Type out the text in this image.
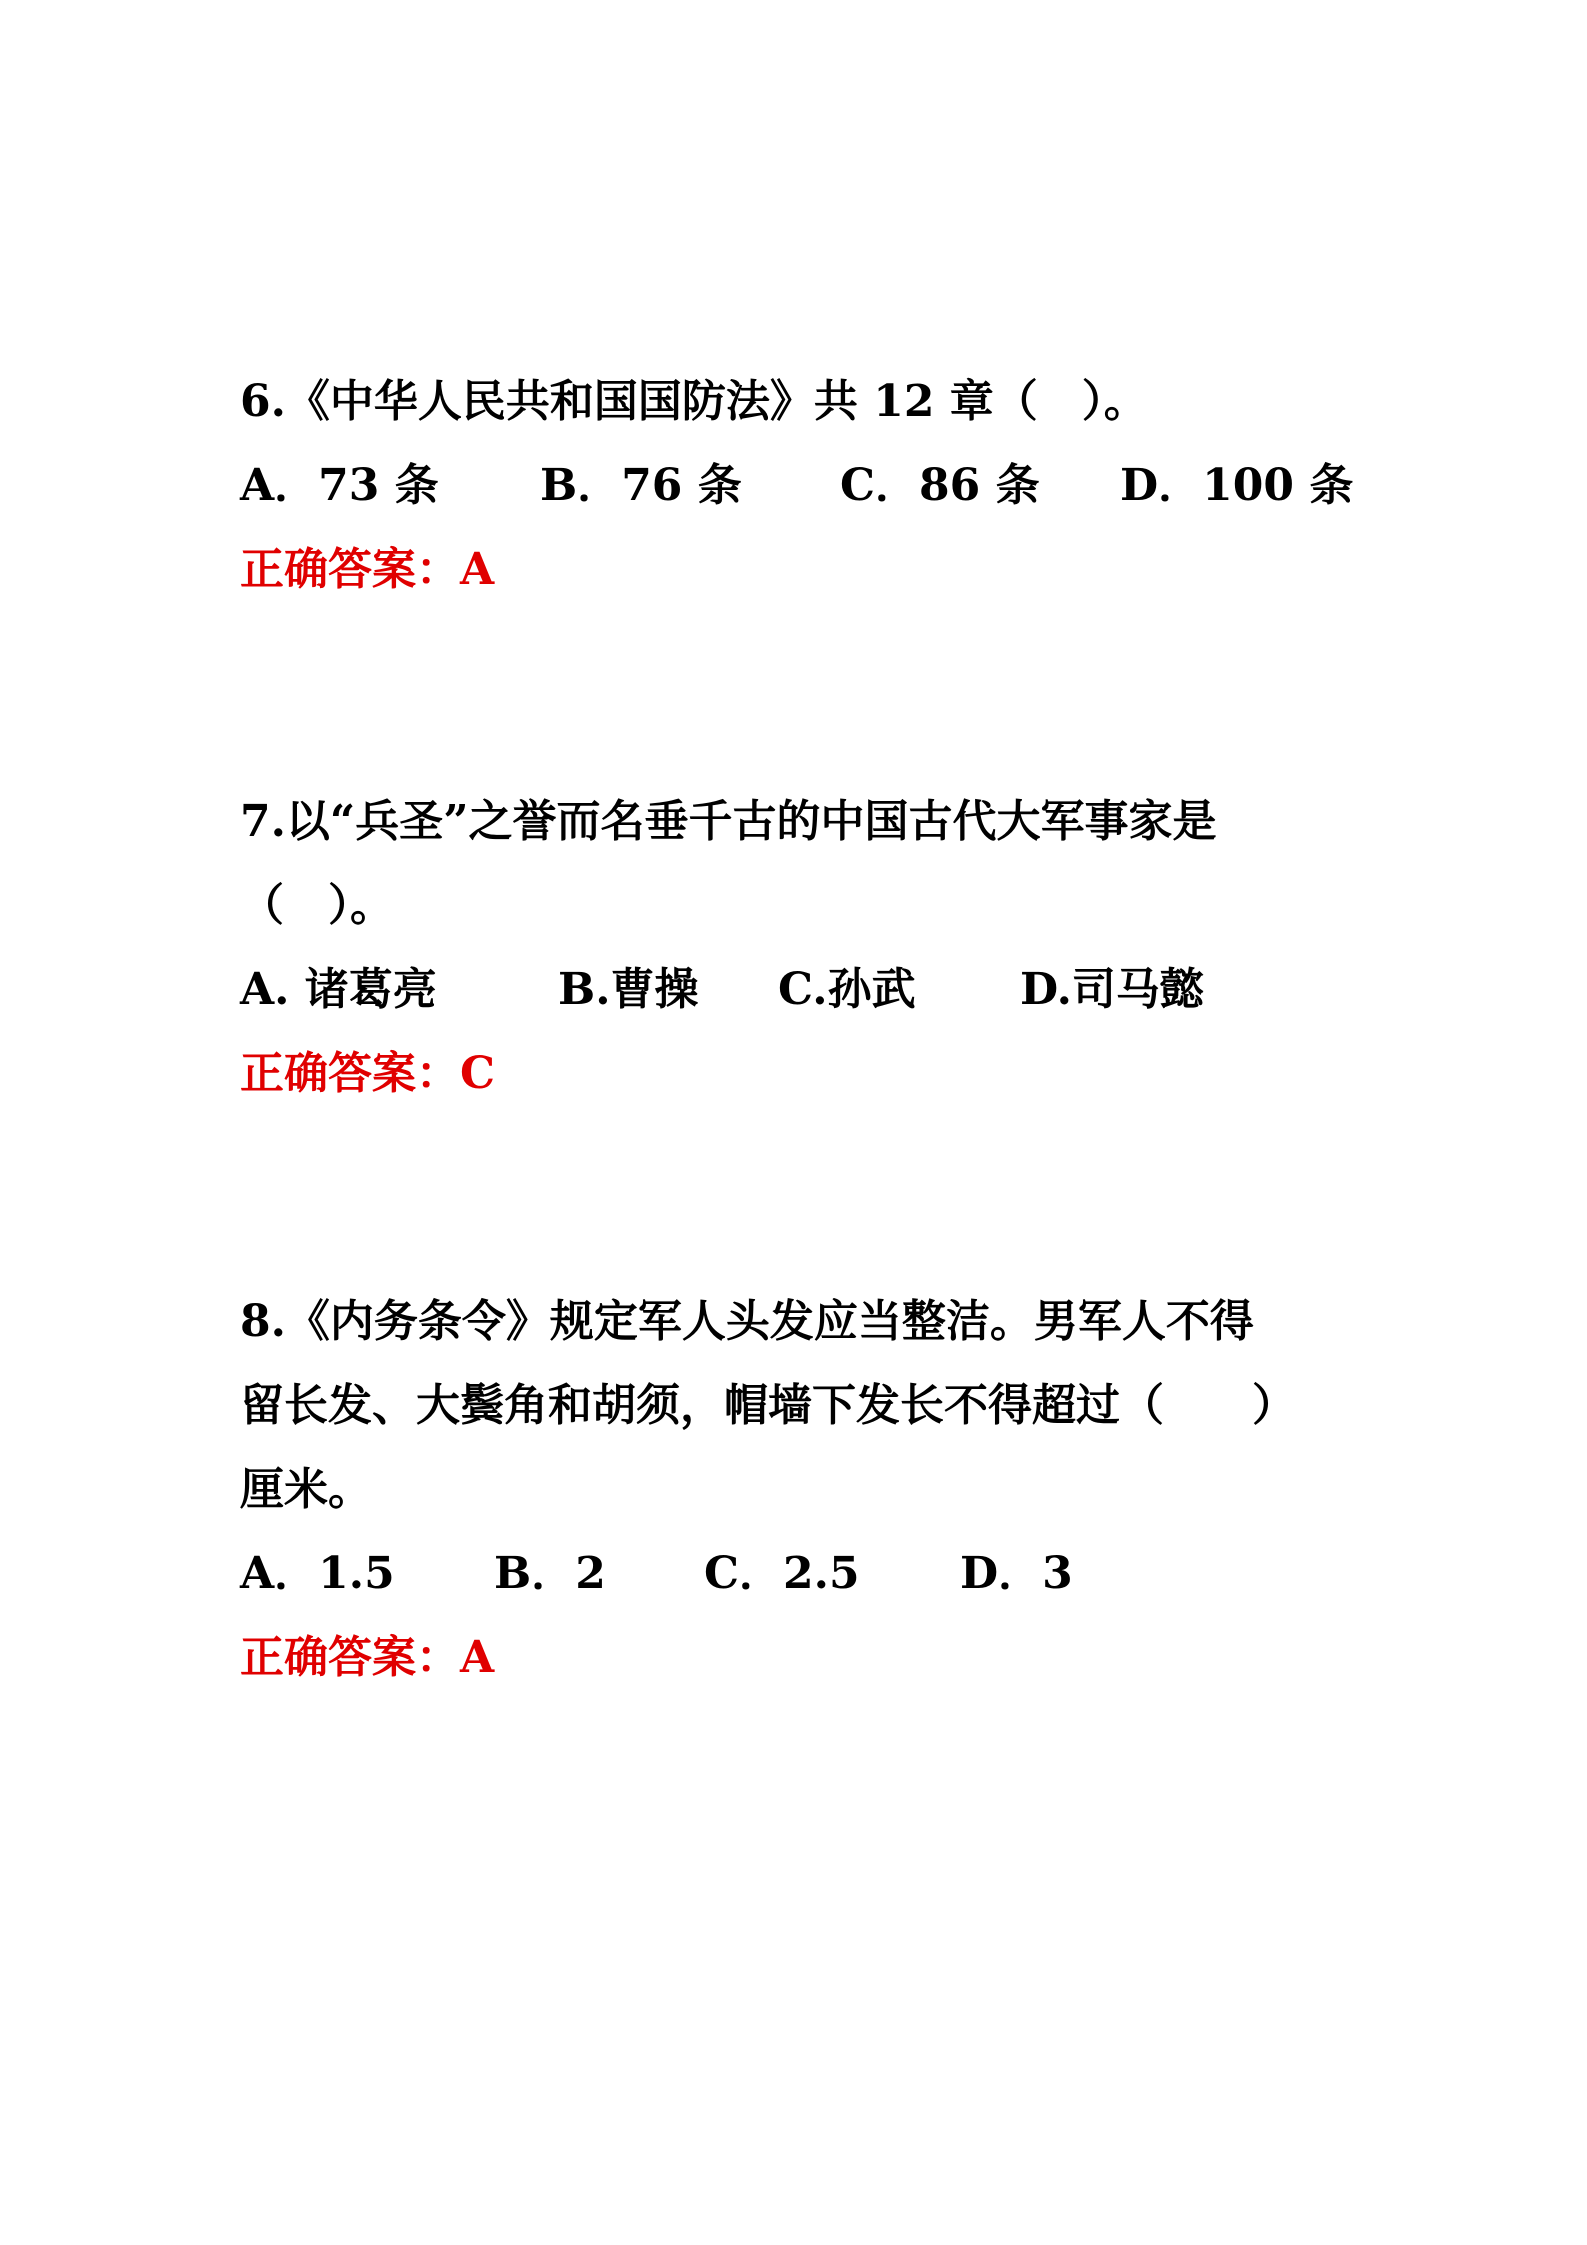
6.《中华人民共和国国防法》共 12 章（　）。
A．73 条	B．76 条	C．86 条	D．100 条
正确答案：A
7.以“兵圣”之誉而名垂千古的中国古代大军事家是
（　）。
A. 诸葛亮	B.曹操	C.孙武	D.司马懿
正确答案：C
8.《内务条令》规定军人头发应当整洁。男军人不得
留长发、大鬓角和胡须，帽墙下发长不得超过（　　）
厘米。
A．1.5	B．2	C．2.5	D．3
正确答案：A
